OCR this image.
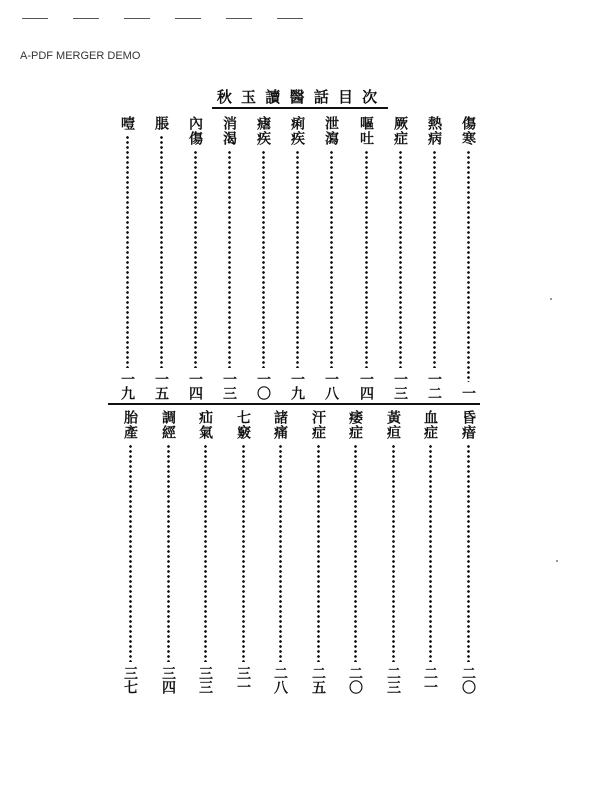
A-PDF MERGER DEMO
秋 玉 讀 醫 話 目 次
傷寒
一
熱病
一二
厥症
一三
嘔吐
一四
泄瀉
一八
痢疾
一九
瘧疾
一〇
消渴
一三
內傷
一四
脹
一五
噎
一九
昏瘖
二〇
血症
二一
黃疸
二三
痿症
二〇
汗症
二五
諸痛
二八
七竅
三一
疝氣
三三
調經
三四
胎產
三七
